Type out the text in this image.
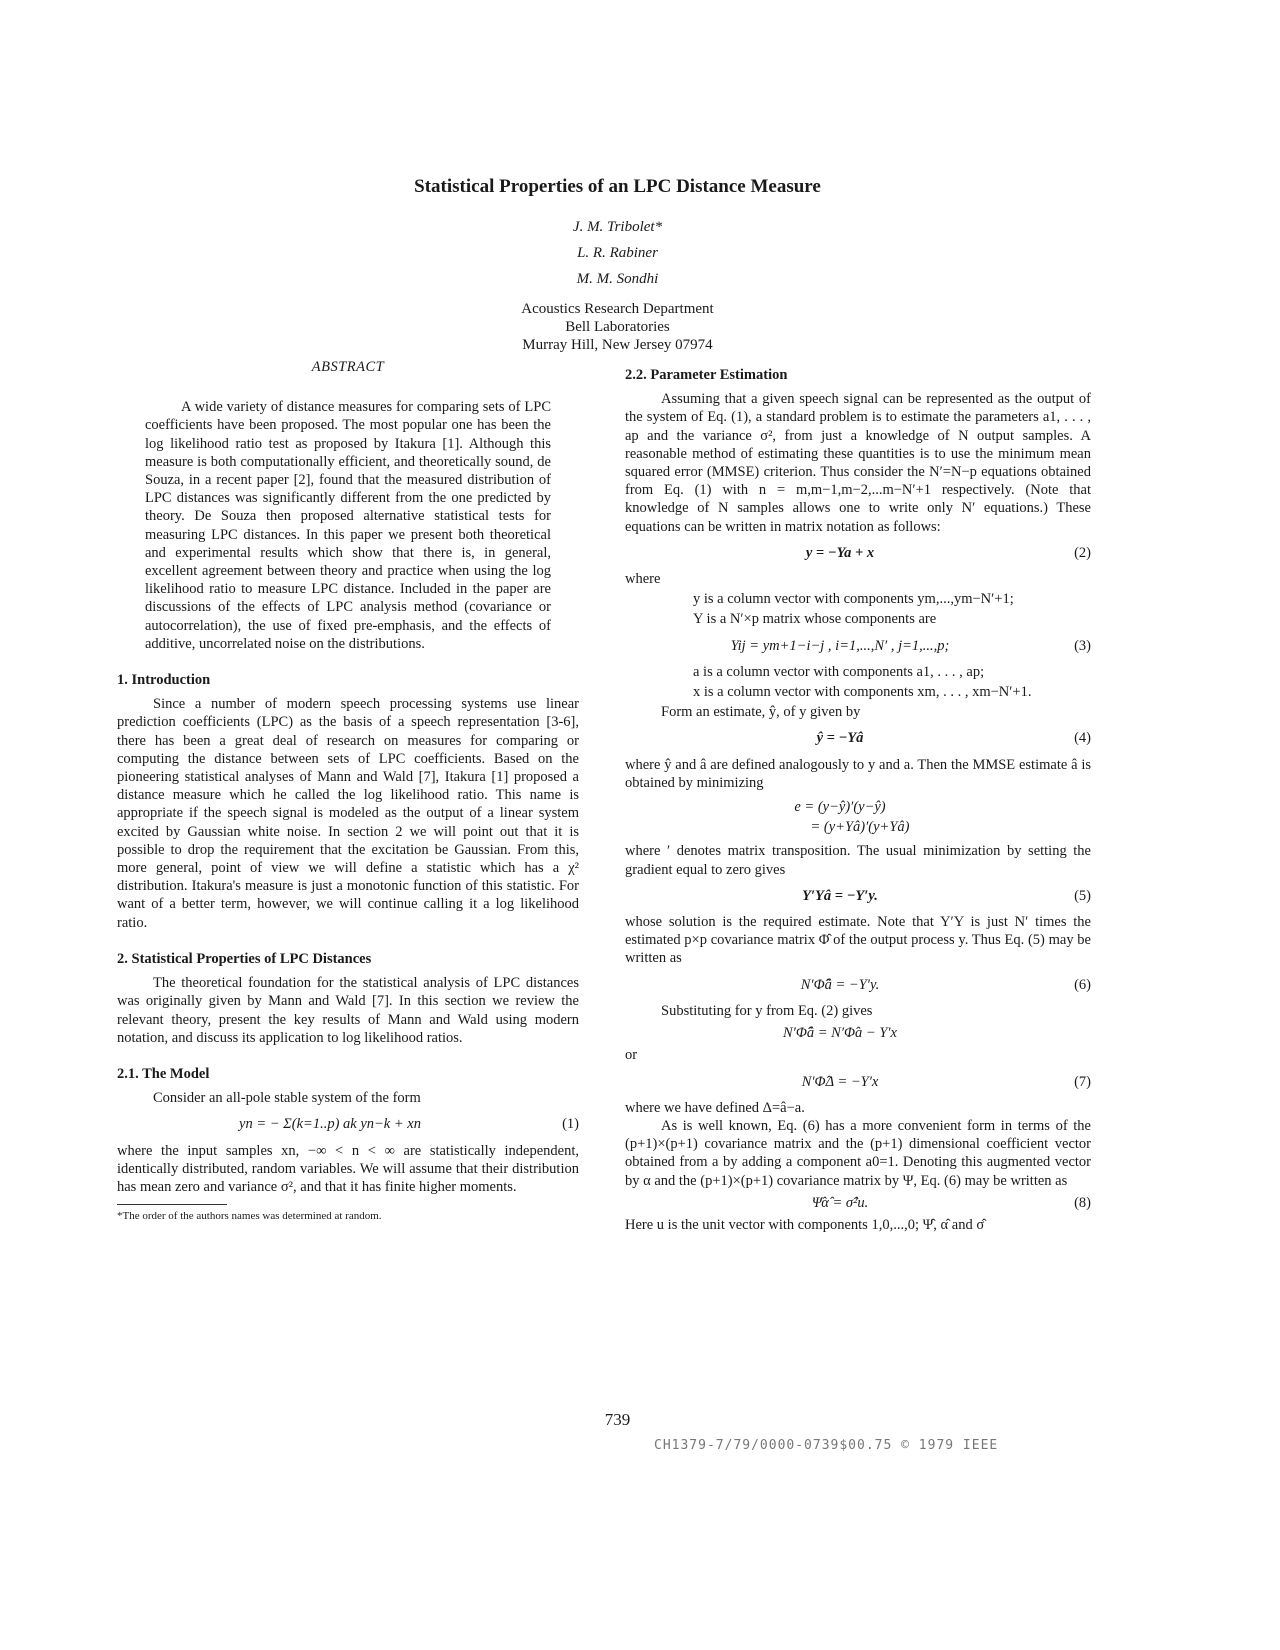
Statistical Properties of an LPC Distance Measure
J. M. Tribolet*
L. R. Rabiner
M. M. Sondhi
Acoustics Research Department
Bell Laboratories
Murray Hill, New Jersey 07974
ABSTRACT

A wide variety of distance measures for comparing sets of LPC coefficients have been proposed. The most popular one has been the log likelihood ratio test as proposed by Itakura [1]. Although this measure is both computationally efficient, and theoretically sound, de Souza, in a recent paper [2], found that the measured distribution of LPC distances was significantly different from the one predicted by theory. De Souza then proposed alternative statistical tests for measuring LPC distances. In this paper we present both theoretical and experimental results which show that there is, in general, excellent agreement between theory and practice when using the log likelihood ratio to measure LPC distance. Included in the paper are discussions of the effects of LPC analysis method (covariance or autocorrelation), the use of fixed pre-emphasis, and the effects of additive, uncorrelated noise on the distributions.

1. Introduction

Since a number of modern speech processing systems use linear prediction coefficients (LPC) as the basis of a speech representation [3-6], there has been a great deal of research on measures for comparing or computing the distance between sets of LPC coefficients. Based on the pioneering statistical analyses of Mann and Wald [7], Itakura [1] proposed a distance measure which he called the log likelihood ratio. This name is appropriate if the speech signal is modeled as the output of a linear system excited by Gaussian white noise. In section 2 we will point out that it is possible to drop the requirement that the excitation be Gaussian. From this, more general, point of view we will define a statistic which has a χ² distribution. Itakura's measure is just a monotonic function of this statistic. For want of a better term, however, we will continue calling it a log likelihood ratio.

2. Statistical Properties of LPC Distances

The theoretical foundation for the statistical analysis of LPC distances was originally given by Mann and Wald [7]. In this section we review the relevant theory, present the key results of Mann and Wald using modern notation, and discuss its application to log likelihood ratios.

2.1. The Model

Consider an all-pole stable system of the form

yn = − Σ(k=1..p) ak yn−k + xn	(1)

where the input samples xn, −∞ < n < ∞ are statistically independent, identically distributed, random variables. We will assume that their distribution has mean zero and variance σ², and that it has finite higher moments.

*The order of the authors names was determined at random.
2.2. Parameter Estimation

Assuming that a given speech signal can be represented as the output of the system of Eq. (1), a standard problem is to estimate the parameters a1, . . . , ap and the variance σ², from just a knowledge of N output samples. A reasonable method of estimating these quantities is to use the minimum mean squared error (MMSE) criterion. Thus consider the N′=N−p equations obtained from Eq. (1) with n = m,m−1,m−2,...m−N′+1 respectively. (Note that knowledge of N samples allows one to write only N′ equations.) These equations can be written in matrix notation as follows:

y = −Ya + x	(2)

where

y is a column vector with components ym,...,ym−N′+1;

Y is a N′×p matrix whose components are

Yij = ym+1−i−j , i=1,...,N′ , j=1,...,p;	(3)

a is a column vector with components a1, . . . , ap;

x is a column vector with components xm, . . . , xm−N′+1.

Form an estimate, ŷ, of y given by

ŷ = −Yâ	(4)

where ŷ and â are defined analogously to y and a. Then the MMSE estimate â is obtained by minimizing

e = (y−ŷ)′(y−ŷ)
= (y+Yâ)′(y+Yâ)

where ′ denotes matrix transposition. The usual minimization by setting the gradient equal to zero gives

Y′Yâ = −Y′y.	(5)

whose solution is the required estimate. Note that Y′Y is just N′ times the estimated p×p covariance matrix Φ̂ of the output process y. Thus Eq. (5) may be written as

N′Φ̂â = −Y′y.	(6)

Substituting for y from Eq. (2) gives

N′Φ̂â = N′Φ̂a − Y′x

or

N′Φ̂Δ = −Y′x	(7)

where we have defined Δ=â−a.

As is well known, Eq. (6) has a more convenient form in terms of the (p+1)×(p+1) covariance matrix and the (p+1) dimensional coefficient vector obtained from a by adding a component a0=1. Denoting this augmented vector by α and the (p+1)×(p+1) covariance matrix by Ψ, Eq. (6) may be written as

Ψ̂α̂ = σ̂²u.	(8)

Here u is the unit vector with components 1,0,...,0; Ψ̂, α̂ and σ̂

739
CH1379-7/79/0000-0739$00.75 © 1979 IEEE
